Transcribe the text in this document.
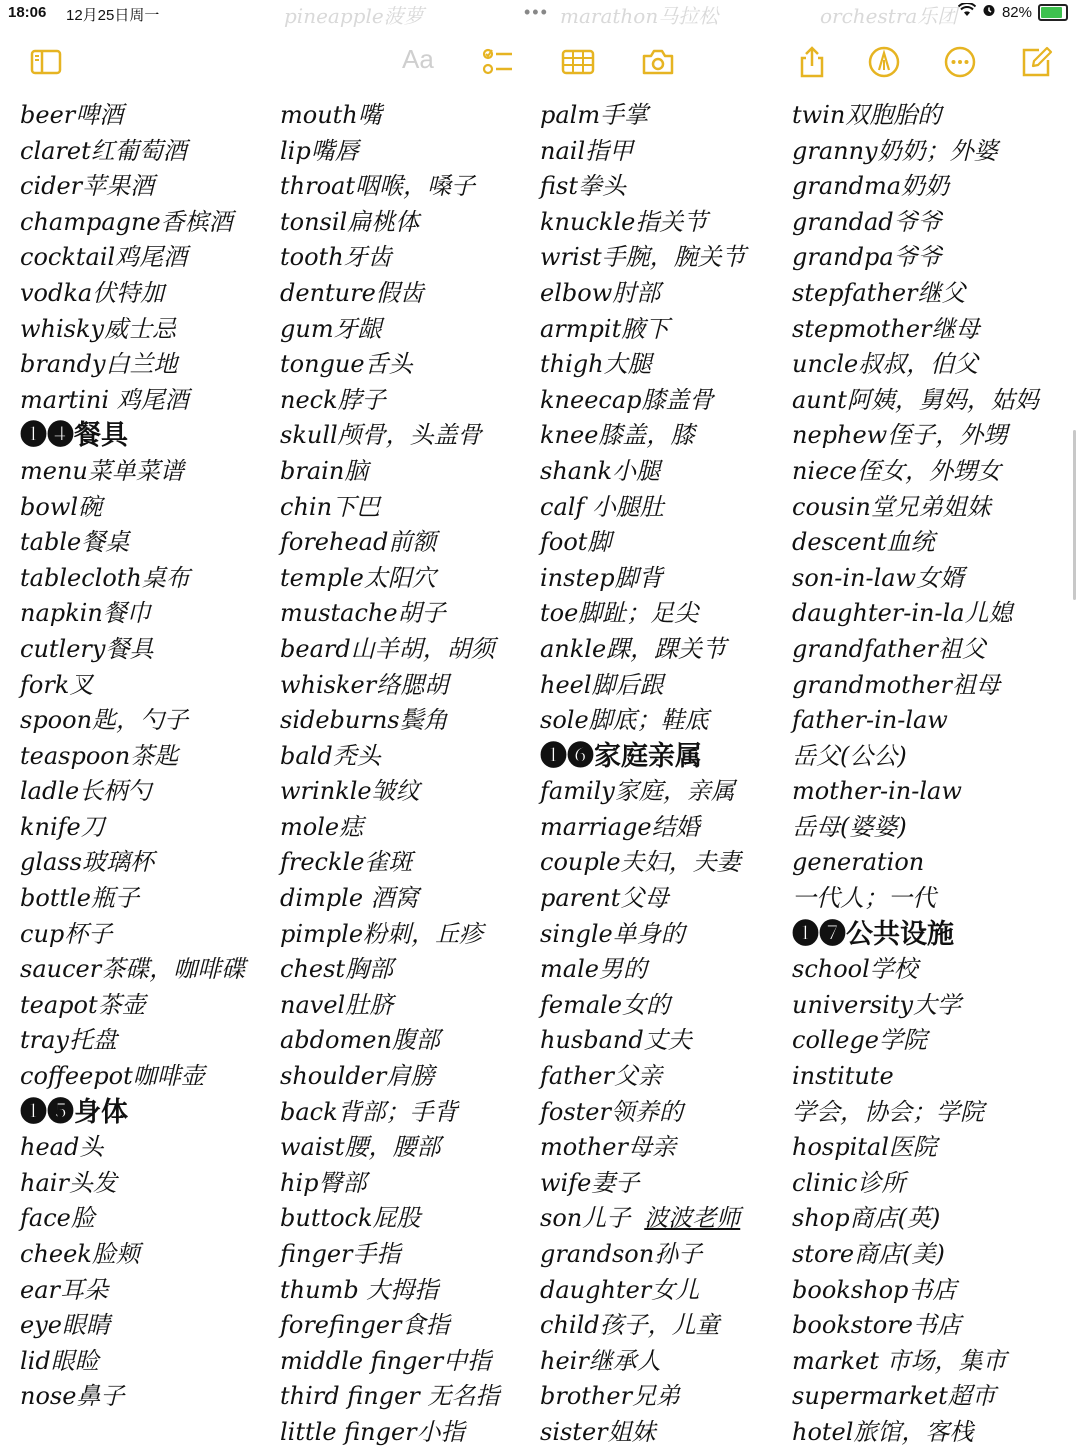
18:06 12月25日周一	•••	82%
pineapple菠萝	marathon马拉松	orchestra乐团
Aa
beer啤酒
claret红葡萄酒
cider苹果酒
champagne香槟酒
cocktail鸡尾酒
vodka伏特加
whisky威士忌
brandy白兰地
martini 鸡尾酒
❶❹餐具
menu菜单菜谱
bowl碗
table餐桌
tablecloth桌布
napkin餐巾
cutlery餐具
fork叉
spoon匙，勺子
teaspoon茶匙
ladle长柄勺
knife刀
glass玻璃杯
bottle瓶子
cup杯子
saucer茶碟，咖啡碟
teapot茶壶
tray托盘
coffeepot咖啡壶
❶❺身体
head头
hair头发
face脸
cheek脸颊
ear耳朵
eye眼睛
lid眼睑
nose鼻子
mouth嘴
lip嘴唇
throat咽喉，嗓子
tonsil扁桃体
tooth牙齿
denture假齿
gum牙龈
tongue舌头
neck脖子
skull颅骨，头盖骨
brain脑
chin下巴
forehead前额
temple太阳穴
mustache胡子
beard山羊胡，胡须
whisker络腮胡
sideburns鬓角
bald秃头
wrinkle皱纹
mole痣
freckle雀斑
dimple 酒窝
pimple粉刺，丘疹
chest胸部
navel肚脐
abdomen腹部
shoulder肩膀
back背部；手背
waist腰，腰部
hip臀部
buttock屁股
finger手指
thumb 大拇指
forefinger食指
middle finger中指
third finger 无名指
little finger小指
palm手掌
nail指甲
fist拳头
knuckle指关节
wrist手腕，腕关节
elbow肘部
armpit腋下
thigh大腿
kneecap膝盖骨
knee膝盖，膝
shank小腿
calf 小腿肚
foot脚
instep脚背
toe脚趾；足尖
ankle踝，踝关节
heel脚后跟
sole脚底；鞋底
❶❻家庭亲属
family家庭，亲属
marriage结婚
couple夫妇，夫妻
parent父母
single单身的
male男的
female女的
husband丈夫
father父亲
foster领养的
mother母亲
wife妻子
son儿子 波波老师
grandson孙子
daughter女儿
child孩子，儿童
heir继承人
brother兄弟
sister姐妹
twin双胞胎的
granny奶奶；外婆
grandma奶奶
grandad爷爷
grandpa爷爷
stepfather继父
stepmother继母
uncle叔叔，伯父
aunt阿姨，舅妈，姑妈
nephew侄子，外甥
niece侄女，外甥女
cousin堂兄弟姐妹
descent血统
son-in-law女婿
daughter-in-la儿媳
grandfather祖父
grandmother祖母
father-in-law
岳父(公公)
mother-in-law
岳母(婆婆)
generation
一代人；一代
❶❼公共设施
school学校
university大学
college学院
institute
学会，协会；学院
hospital医院
clinic诊所
shop商店(英)
store商店(美)
bookshop书店
bookstore书店
market 市场，集市
supermarket超市
hotel旅馆，客栈
